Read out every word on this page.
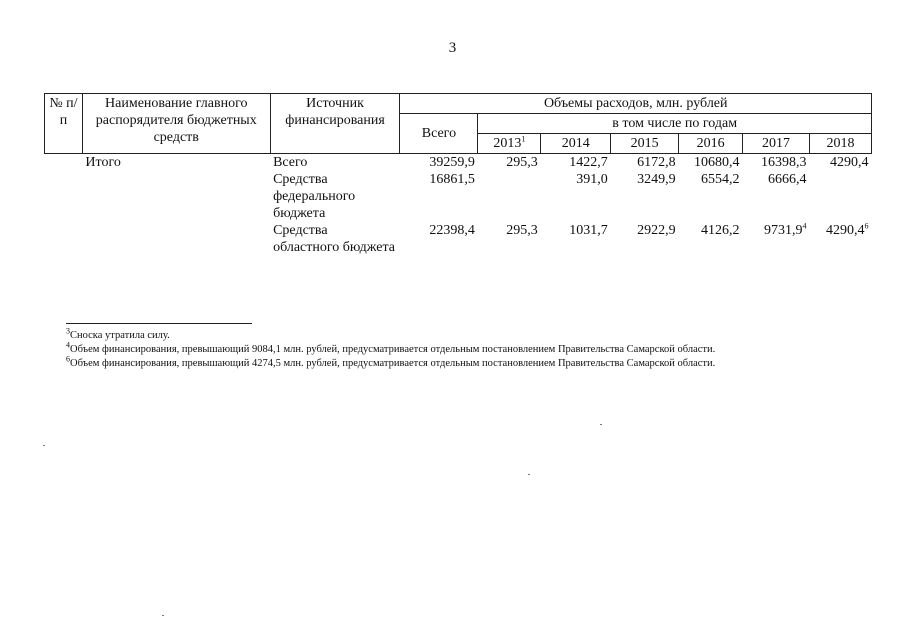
3
№ п/п	Наименование главного распорядителя бюджетных средств	Источник финансирования	Объемы расходов, млн. рублей						
			Всего	в том числе по годам					
				2013$^1$	2014	2015	2016	2017	2018
	Итого	Всего	39259,9	295,3	1422,7	6172,8	10680,4	16398,3	4290,4
		Средства федерального бюджета	16861,5		391,0	3249,9	6554,2	6666,4	
		Средства областного бюджета	22398,4	295,3	1031,7	2922,9	4126,2	9731,9$^4$	4290,4$^6$
$^3$Сноска утратила силу.
$^4$Объем финансирования, превышающий 9084,1 млн. рублей, предусматривается отдельным постановлением Правительства Самарской области.
$^6$Объем финансирования, превышающий 4274,5 млн. рублей, предусматривается отдельным постановлением Правительства Самарской области.
